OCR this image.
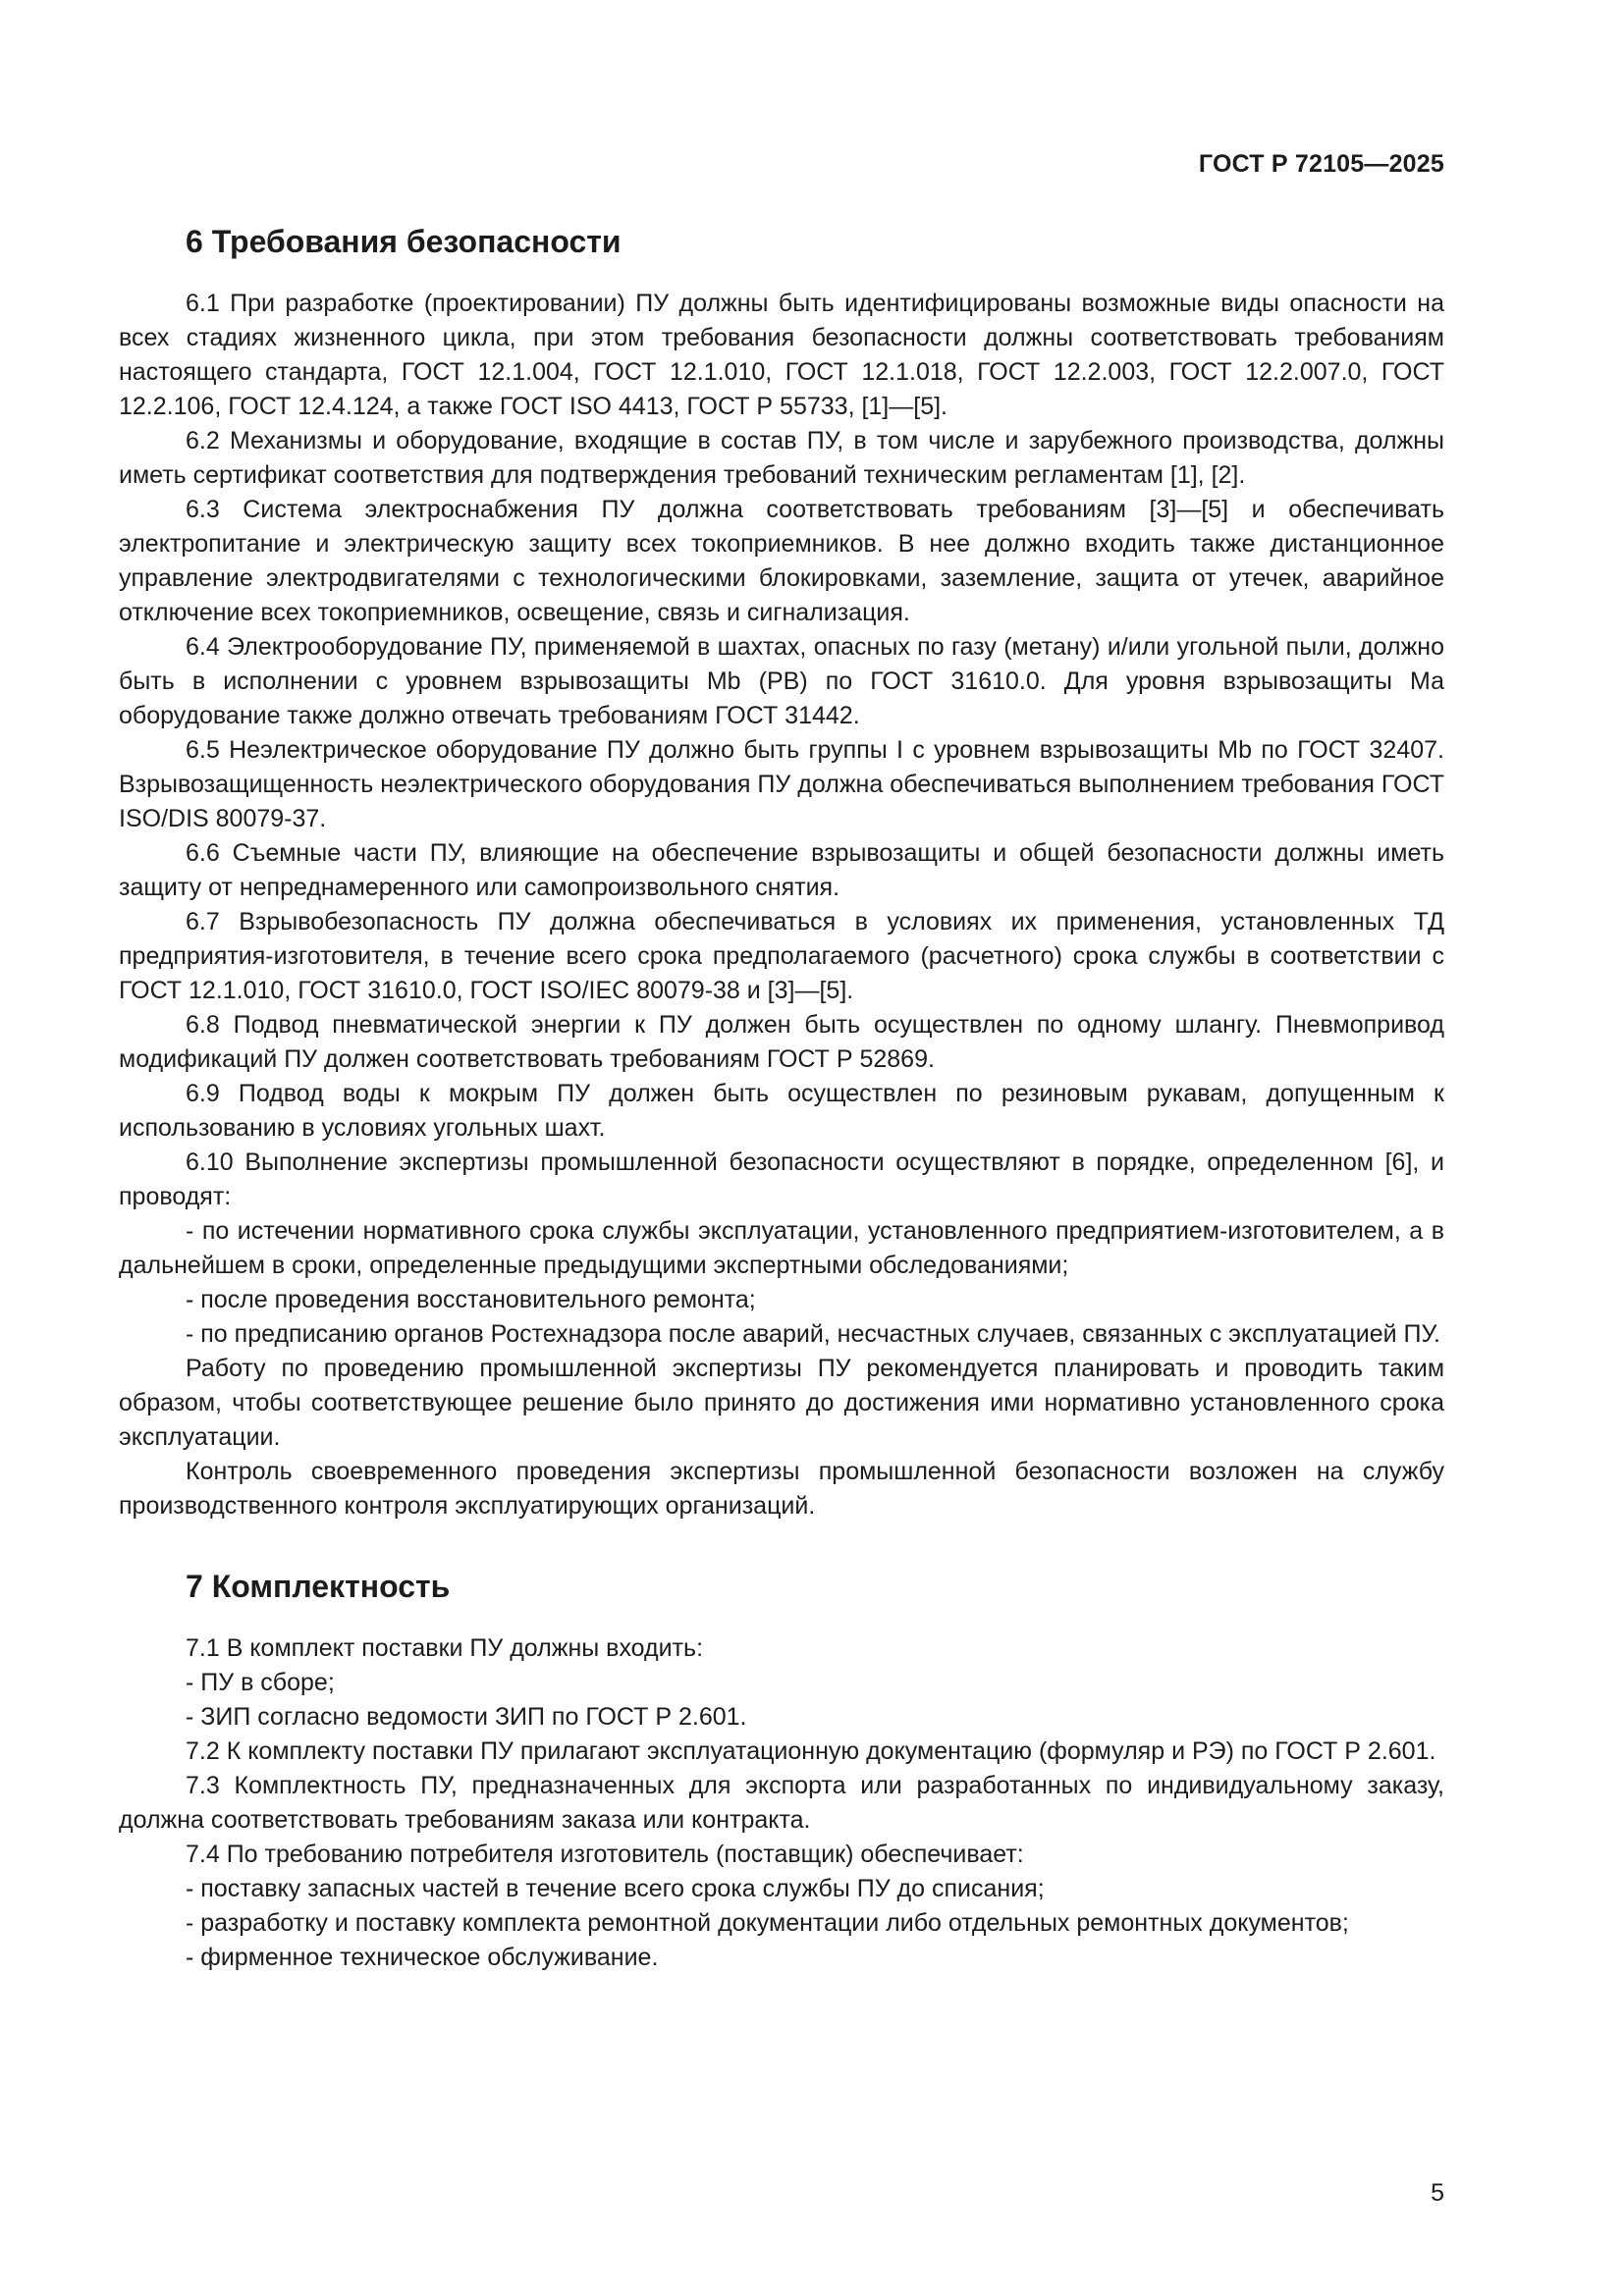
ГОСТ Р 72105—2025
6 Требования безопасности

6.1 При разработке (проектировании) ПУ должны быть идентифицированы возможные виды опасности на всех стадиях жизненного цикла, при этом требования безопасности должны соответствовать требованиям настоящего стандарта, ГОСТ 12.1.004, ГОСТ 12.1.010, ГОСТ 12.1.018, ГОСТ 12.2.003, ГОСТ 12.2.007.0, ГОСТ 12.2.106, ГОСТ 12.4.124, а также ГОСТ ISO 4413, ГОСТ Р 55733, [1]—[5].

6.2 Механизмы и оборудование, входящие в состав ПУ, в том числе и зарубежного производства, должны иметь сертификат соответствия для подтверждения требований техническим регламентам [1], [2].

6.3 Система электроснабжения ПУ должна соответствовать требованиям [3]—[5] и обеспечивать электропитание и электрическую защиту всех токоприемников. В нее должно входить также дистанционное управление электродвигателями с технологическими блокировками, заземление, защита от утечек, аварийное отключение всех токоприемников, освещение, связь и сигнализация.

6.4 Электрооборудование ПУ, применяемой в шахтах, опасных по газу (метану) и/или угольной пыли, должно быть в исполнении с уровнем взрывозащиты Mb (PB) по ГОСТ 31610.0. Для уровня взрывозащиты Ма оборудование также должно отвечать требованиям ГОСТ 31442.

6.5 Неэлектрическое оборудование ПУ должно быть группы I с уровнем взрывозащиты Mb по ГОСТ 32407. Взрывозащищенность неэлектрического оборудования ПУ должна обеспечиваться выполнением требования ГОСТ ISO/DIS 80079-37.

6.6 Съемные части ПУ, влияющие на обеспечение взрывозащиты и общей безопасности должны иметь защиту от непреднамеренного или самопроизвольного снятия.

6.7 Взрывобезопасность ПУ должна обеспечиваться в условиях их применения, установленных ТД предприятия-изготовителя, в течение всего срока предполагаемого (расчетного) срока службы в соответствии с ГОСТ 12.1.010, ГОСТ 31610.0, ГОСТ ISO/IEC 80079-38 и [3]—[5].

6.8 Подвод пневматической энергии к ПУ должен быть осуществлен по одному шлангу. Пневмопривод модификаций ПУ должен соответствовать требованиям ГОСТ Р 52869.

6.9 Подвод воды к мокрым ПУ должен быть осуществлен по резиновым рукавам, допущенным к использованию в условиях угольных шахт.

6.10 Выполнение экспертизы промышленной безопасности осуществляют в порядке, определенном [6], и проводят:

- по истечении нормативного срока службы эксплуатации, установленного предприятием-изготовителем, а в дальнейшем в сроки, определенные предыдущими экспертными обследованиями;

- после проведения восстановительного ремонта;

- по предписанию органов Ростехнадзора после аварий, несчастных случаев, связанных с эксплуатацией ПУ.

Работу по проведению промышленной экспертизы ПУ рекомендуется планировать и проводить таким образом, чтобы соответствующее решение было принято до достижения ими нормативно установленного срока эксплуатации.

Контроль своевременного проведения экспертизы промышленной безопасности возложен на службу производственного контроля эксплуатирующих организаций.

7 Комплектность

7.1 В комплект поставки ПУ должны входить:

- ПУ в сборе;

- ЗИП согласно ведомости ЗИП по ГОСТ Р 2.601.

7.2 К комплекту поставки ПУ прилагают эксплуатационную документацию (формуляр и РЭ) по ГОСТ Р 2.601.

7.3 Комплектность ПУ, предназначенных для экспорта или разработанных по индивидуальному заказу, должна соответствовать требованиям заказа или контракта.

7.4 По требованию потребителя изготовитель (поставщик) обеспечивает:

- поставку запасных частей в течение всего срока службы ПУ до списания;

- разработку и поставку комплекта ремонтной документации либо отдельных ремонтных документов;

- фирменное техническое обслуживание.

5
